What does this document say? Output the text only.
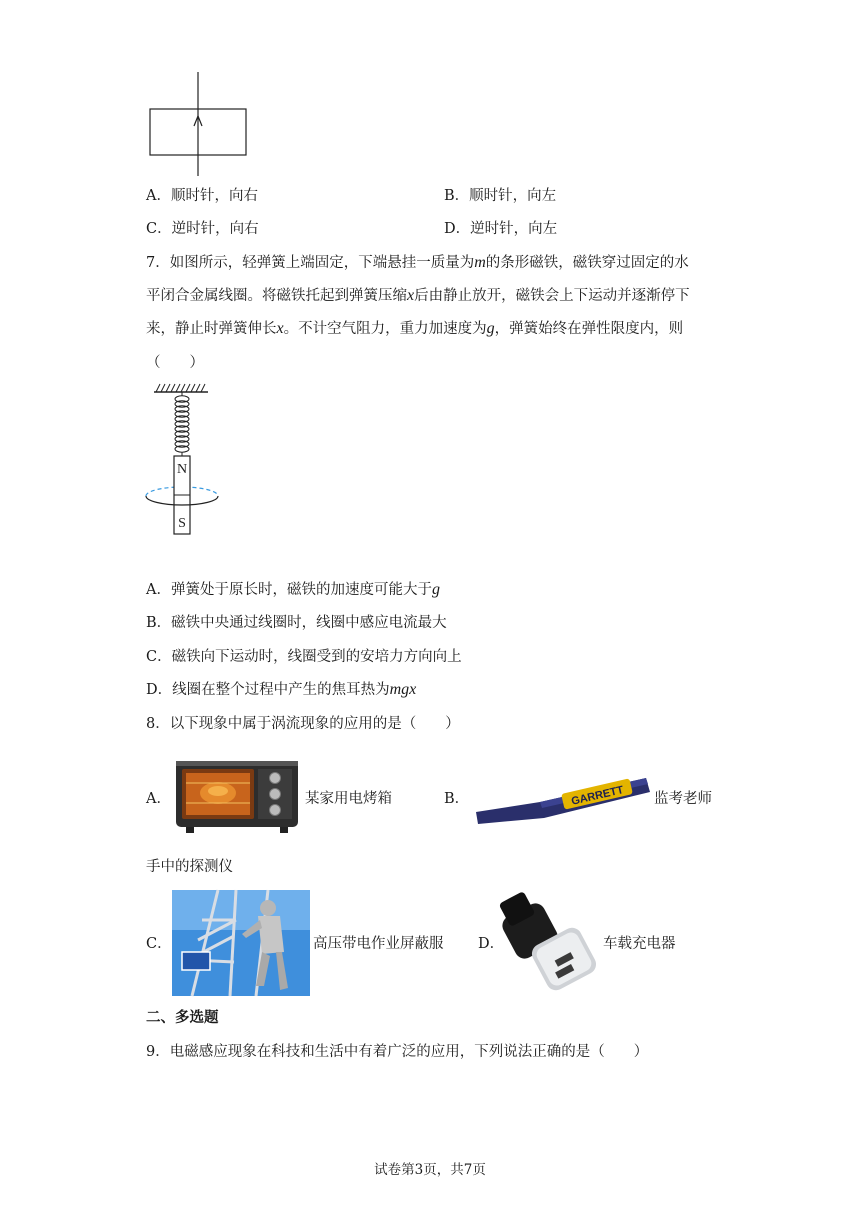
A．顺时针，向右	B．顺时针，向左
C．逆时针，向右	D．逆时针，向左
7．如图所示，轻弹簧上端固定，下端悬挂一质量为m的条形磁铁，磁铁穿过固定的水
平闭合金属线圈。将磁铁托起到弹簧压缩x后由静止放开，磁铁会上下运动并逐渐停下
来，静止时弹簧伸长x。不计空气阻力，重力加速度为g，弹簧始终在弹性限度内，则
（　　）
N
S
A．弹簧处于原长时，磁铁的加速度可能大于g
B．磁铁中央通过线圈时，线圈中感应电流最大
C．磁铁向下运动时，线圈受到的安培力方向向上
D．线圈在整个过程中产生的焦耳热为mgx
8．以下现象中属于涡流现象的应用的是（　　）
A．	某家用电烤箱	B．	GARRETT 监考老师
手中的探测仪
C．	高压带电作业屏蔽服 D．	车载充电器
二、多选题
9．电磁感应现象在科技和生活中有着广泛的应用，下列说法正确的是（　　）
试卷第3页，共7页
